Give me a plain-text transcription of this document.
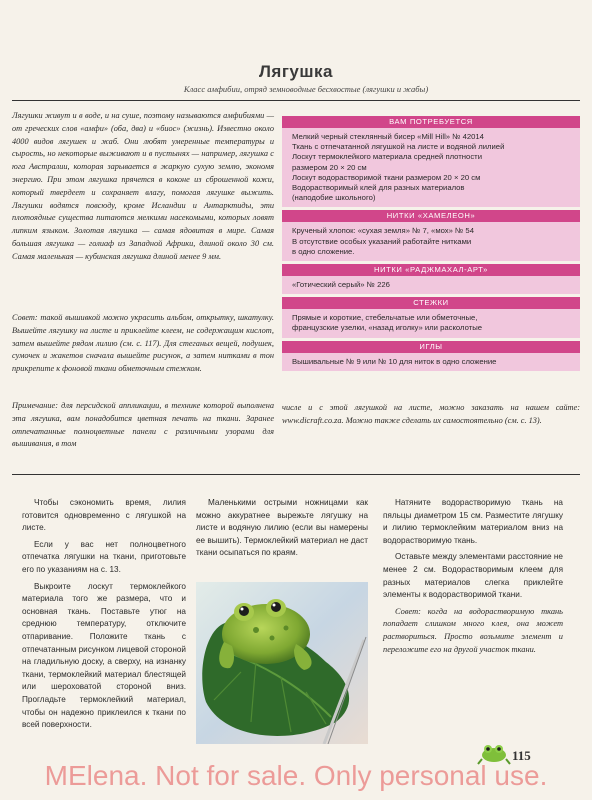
Лягушка
Класс амфибии, отряд земноводные бесхвостые (лягушки и жабы)

Лягушки живут и в воде, и на суше, поэтому называются амфибиями — от греческих слов «амфи» (оба, два) и «биос» (жизнь). Известно около 4000 видов лягушек и жаб. Они любят умеренные температуры и сырость, но некоторые выживают и в пустынях — например, лягушка с юга Австралии, которая зарывается в жаркую сухую землю, экономя энергию. При этом лягушка прячется в коконе из сброшенной кожи, который твердеет и сохраняет влагу, помогая лягушке выжить. Лягушки водятся повсюду, кроме Исландии и Антарктиды, эти плотоядные существа питаются мелкими насекомыми, которых ловят липким языком. Золотая лягушка — самая ядовитая в мире. Самая большая лягушка — голиаф из Западной Африки, длиной около 30 см. Самая маленькая — кубинская лягушка длиной менее 9 мм.

Совет: такой вышивкой можно украсить альбом, открытку, шкатулку. Вышейте лягушку на листе и приклейте клеем, не содержащим кислот, затем вышейте рядом лилию (см. с. 117). Для стеганых вещей, подушек, сумочек и жакетов сначала вышейте рисунок, а затем нитками в тон прикрепите к фоновой ткани обметочным стежком.

Примечание: для персидской аппликации, в технике которой выполнена эта лягушка, вам понадобится цветная печать на ткани. Заранее отпечатанные полноцветные панели с различными узорами для вышивания, в том

ВАМ ПОТРЕБУЕТСЯ
Мелкий черный стеклянный бисер «Mill Hill» № 42014
Ткань с отпечатанной лягушкой на листе и водяной лилией
Лоскут термоклейкого материала средней плотности
размером 20 × 20 см
Лоскут водорастворимой ткани размером 20 × 20 см
Водорастворимый клей для разных материалов
(наподобие школьного)
НИТКИ «ХАМЕЛЕОН»
Крученый хлопок: «сухая земля» № 7, «мох» № 54
В отсутствие особых указаний работайте нитками
в одно сложение.
НИТКИ «РАДЖМАХАЛ-АРТ»
«Готический серый» № 226
СТЕЖКИ
Прямые и короткие, стебельчатые или обметочные,
французские узелки, «назад иголку» или расколотые
ИГЛЫ
Вышивальные № 9 или № 10 для ниток в одно сложение
числе и с этой лягушкой на листе, можно заказать на нашем сайте: www.dicraft.co.za. Можно также сделать их самостоятельно (см. с. 13).

Чтобы сэкономить время, лилия готовится одновременно с лягушкой на листе.

Если у вас нет полноцветного отпечатка лягушки на ткани, приготовьте его по указаниям на с. 13.

Выкроите лоскут термоклейкого материала того же размера, что и основная ткань. Поставьте утюг на среднюю температуру, отключите отпаривание. Положите ткань с отпечатанным рисунком лицевой стороной на гладильную доску, а сверху, на изнанку ткани, термоклейкий материал блестящей или шероховатой стороной вниз. Прогладьте термоклейкий материал, чтобы он надежно приклеился к ткани по всей поверхности.

Маленькими острыми ножницами как можно аккуратнее вырежьте лягушку на листе и водяную лилию (если вы намерены ее вышить). Термоклейкий материал не даст ткани осыпаться по краям.

Натяните водорастворимую ткань на пяльцы диаметром 15 см. Разместите лягушку и лилию термоклейким материалом вниз на водорастворимую ткань.

Оставьте между элементами расстояние не менее 2 см. Водорастворимым клеем для разных материалов слегка приклейте элементы к водорастворимой ткани.

Совет: когда на водорастворимую ткань попадает слишком много клея, она может раствориться. Просто возьмите элемент и переложите его на другой участок ткани.

115
MElena. Not for sale. Only personal use.
